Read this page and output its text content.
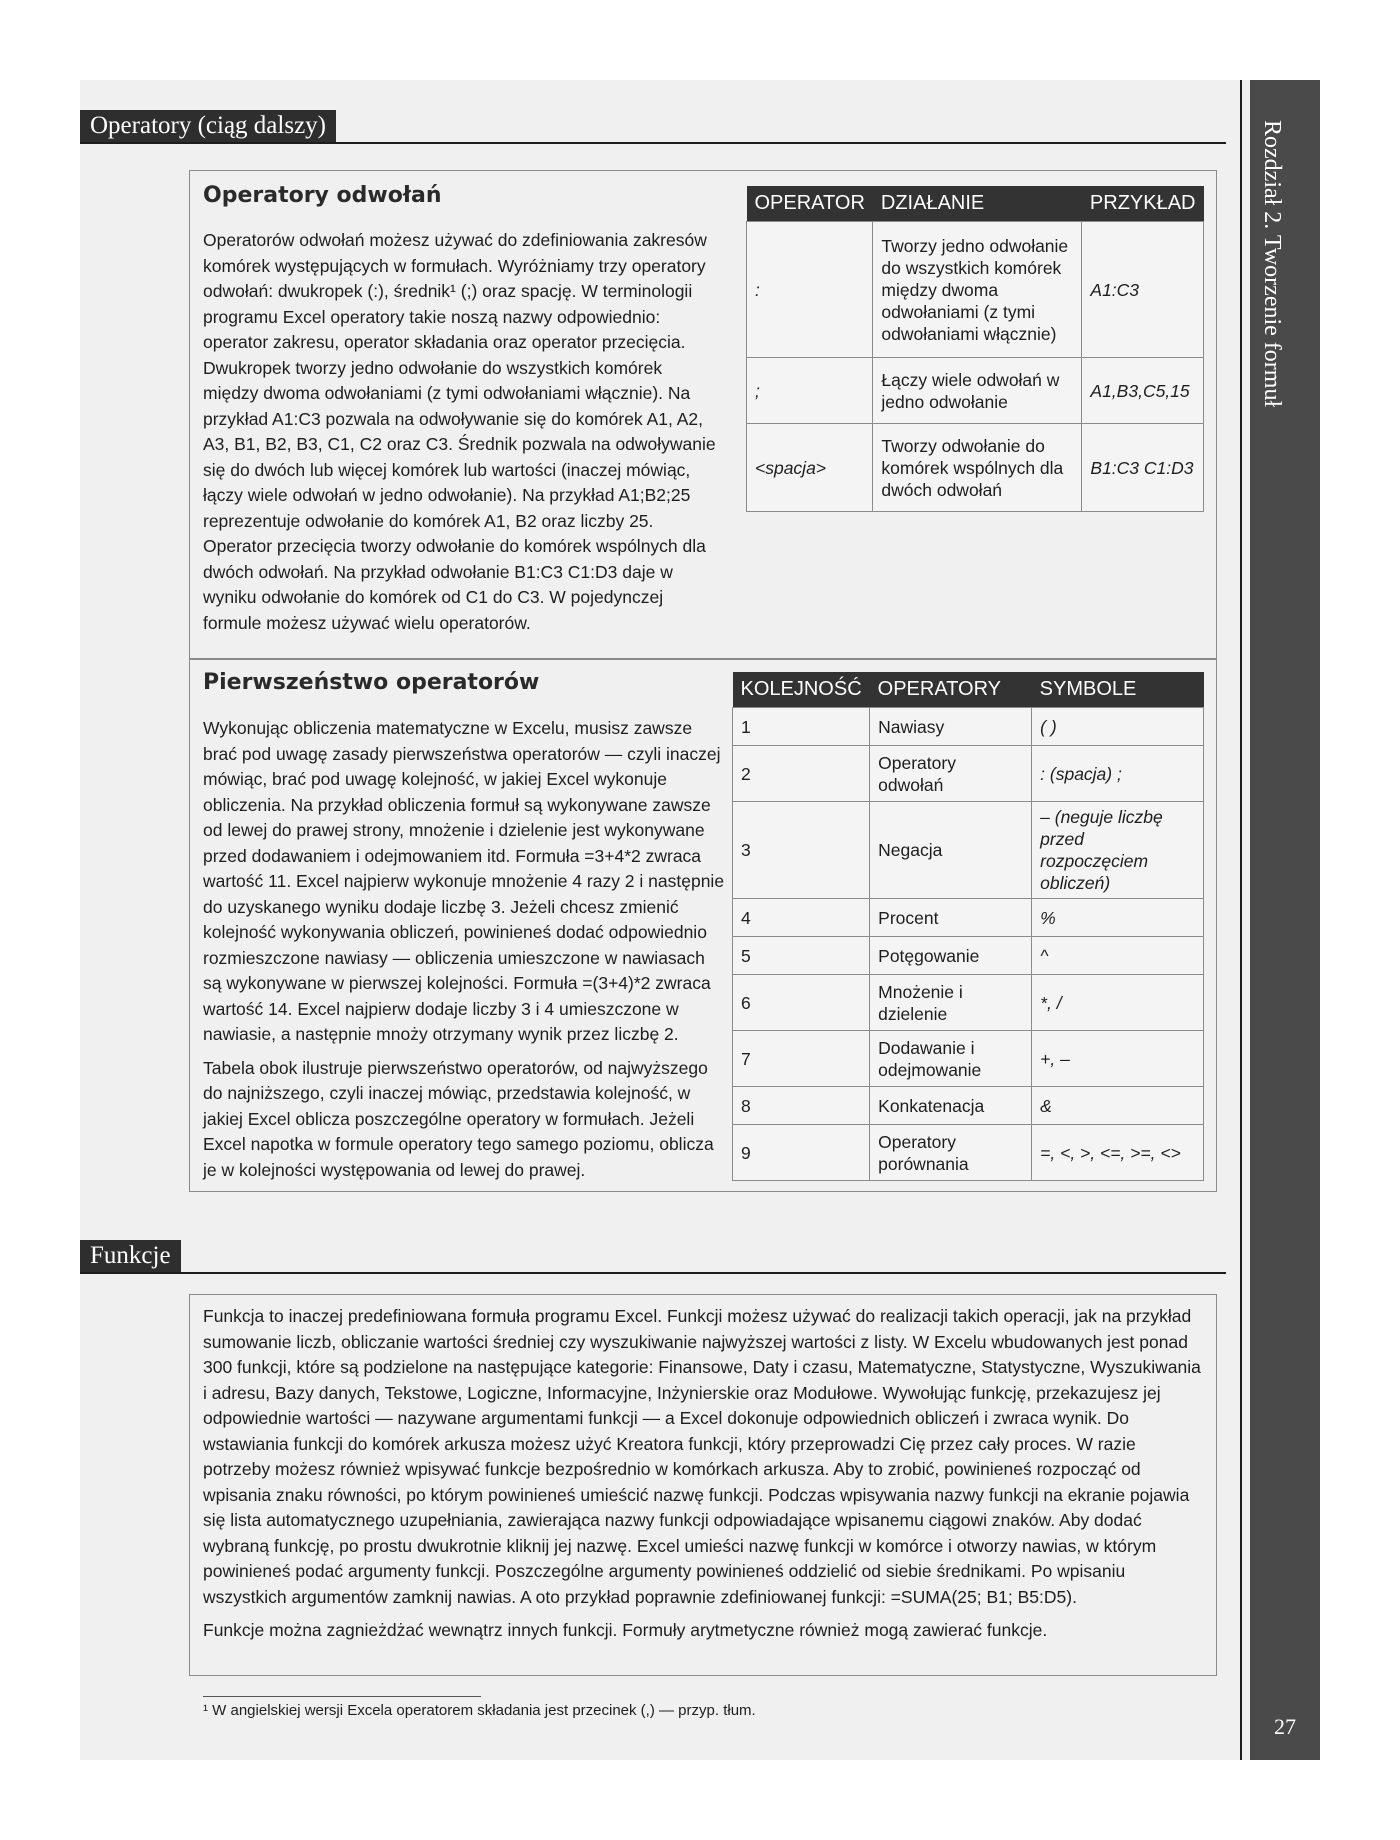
Operatory (ciąg dalszy)
Operatory odwołań

Operatorów odwołań możesz używać do zdefiniowania zakresów komórek występujących w formułach. Wyróżniamy trzy operatory odwołań: dwukropek (:), średnik¹ (;) oraz spację. W terminologii programu Excel operatory takie noszą nazwy odpowiednio: operator zakresu, operator składania oraz operator przecięcia. Dwukropek tworzy jedno odwołanie do wszystkich komórek między dwoma odwołaniami (z tymi odwołaniami włącznie). Na przykład A1:C3 pozwala na odwoływanie się do komórek A1, A2, A3, B1, B2, B3, C1, C2 oraz C3. Średnik pozwala na odwoływanie się do dwóch lub więcej komórek lub wartości (inaczej mówiąc, łączy wiele odwołań w jedno odwołanie). Na przykład A1;B2;25 reprezentuje odwołanie do komórek A1, B2 oraz liczby 25. Operator przecięcia tworzy odwołanie do komórek wspólnych dla dwóch odwołań. Na przykład odwołanie B1:C3 C1:D3 daje w wyniku odwołanie do komórek od C1 do C3. W pojedynczej formule możesz używać wielu operatorów.

OPERATOR	DZIAŁANIE	PRZYKŁAD
:	Tworzy jedno odwołanie do wszystkich komórek między dwoma odwołaniami (z tymi odwołaniami włącznie)	A1:C3
;	Łączy wiele odwołań w jedno odwołanie	A1,B3,C5,15
<spacja>	Tworzy odwołanie do komórek wspólnych dla dwóch odwołań	B1:C3 C1:D3
Pierwszeństwo operatorów

Wykonując obliczenia matematyczne w Excelu, musisz zawsze brać pod uwagę zasady pierwszeństwa operatorów — czyli inaczej mówiąc, brać pod uwagę kolejność, w jakiej Excel wykonuje obliczenia. Na przykład obliczenia formuł są wykonywane zawsze od lewej do prawej strony, mnożenie i dzielenie jest wykonywane przed dodawaniem i odejmowaniem itd. Formuła =3+4*2 zwraca wartość 11. Excel najpierw wykonuje mnożenie 4 razy 2 i następnie do uzyskanego wyniku dodaje liczbę 3. Jeżeli chcesz zmienić kolejność wykonywania obliczeń, powinieneś dodać odpowiednio rozmieszczone nawiasy — obliczenia umieszczone w nawiasach są wykonywane w pierwszej kolejności. Formuła =(3+4)*2 zwraca wartość 14. Excel najpierw dodaje liczby 3 i 4 umieszczone w nawiasie, a następnie mnoży otrzymany wynik przez liczbę 2.

Tabela obok ilustruje pierwszeństwo operatorów, od najwyższego do najniższego, czyli inaczej mówiąc, przedstawia kolejność, w jakiej Excel oblicza poszczególne operatory w formułach. Jeżeli Excel napotka w formule operatory tego samego poziomu, oblicza je w kolejności występowania od lewej do prawej.

KOLEJNOŚĆ	OPERATORY	SYMBOLE
1	Nawiasy	( )
2	Operatory odwołań	: (spacja) ;
3	Negacja	– (neguje liczbę przed rozpoczęciem obliczeń)
4	Procent	%
5	Potęgowanie	^
6	Mnożenie i dzielenie	*, /
7	Dodawanie i odejmowanie	+, –
8	Konkatenacja	&
9	Operatory porównania	=, <, >, <=, >=, <>
Funkcje

Funkcja to inaczej predefiniowana formuła programu Excel. Funkcji możesz używać do realizacji takich operacji, jak na przykład sumowanie liczb, obliczanie wartości średniej czy wyszukiwanie najwyższej wartości z listy. W Excelu wbudowanych jest ponad 300 funkcji, które są podzielone na następujące kategorie: Finansowe, Daty i czasu, Matematyczne, Statystyczne, Wyszukiwania i adresu, Bazy danych, Tekstowe, Logiczne, Informacyjne, Inżynierskie oraz Modułowe. Wywołując funkcję, przekazujesz jej odpowiednie wartości — nazywane argumentami funkcji — a Excel dokonuje odpowiednich obliczeń i zwraca wynik. Do wstawiania funkcji do komórek arkusza możesz użyć Kreatora funkcji, który przeprowadzi Cię przez cały proces. W razie potrzeby możesz również wpisywać funkcje bezpośrednio w komórkach arkusza. Aby to zrobić, powinieneś rozpocząć od wpisania znaku równości, po którym powinieneś umieścić nazwę funkcji. Podczas wpisywania nazwy funkcji na ekranie pojawia się lista automatycznego uzupełniania, zawierająca nazwy funkcji odpowiadające wpisanemu ciągowi znaków. Aby dodać wybraną funkcję, po prostu dwukrotnie kliknij jej nazwę. Excel umieści nazwę funkcji w komórce i otworzy nawias, w którym powinieneś podać argumenty funkcji. Poszczególne argumenty powinieneś oddzielić od siebie średnikami. Po wpisaniu wszystkich argumentów zamknij nawias. A oto przykład poprawnie zdefiniowanej funkcji: =SUMA(25; B1; B5:D5).

Funkcje można zagnieżdżać wewnątrz innych funkcji. Formuły arytmetyczne również mogą zawierać funkcje.

¹ W angielskiej wersji Excela operatorem składania jest przecinek (,) — przyp. tłum.
Rozdział 2. Tworzenie formuł
27
